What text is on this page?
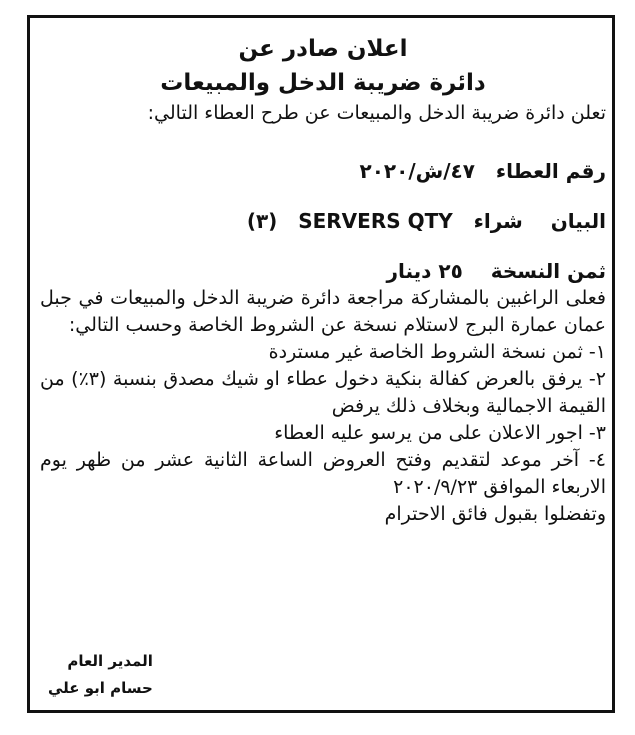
اعلان صادر عن

دائرة ضريبة الدخل والمبيعات

تعلن دائرة ضريبة الدخل والمبيعات عن طرح العطاء التالي:

رقم العطاء   ٤٧/ش/٢٠٢٠

البيان    شراء   SERVERS QTY   (٣)

ثمن النسخة    ٢٥ دينار

فعلى الراغبين بالمشاركة مراجعة دائرة ضريبة الدخل والمبيعات في جبل عمان عمارة البرج لاستلام نسخة عن الشروط الخاصة وحسب التالي:

١- ثمن نسخة الشروط الخاصة غير مستردة
٢- يرفق بالعرض كفالة بنكية دخول عطاء او شيك مصدق بنسبة (٣٪) من القيمة الاجمالية وبخلاف ذلك يرفض
٣- اجور الاعلان على من يرسو عليه العطاء
٤- آخر موعد لتقديم وفتح العروض الساعة الثانية عشر من ظهر يوم الاربعاء الموافق ٢٠٢٠/٩/٢٣

وتفضلوا بقبول فائق الاحترام

المدير العام
حسام ابو علي
